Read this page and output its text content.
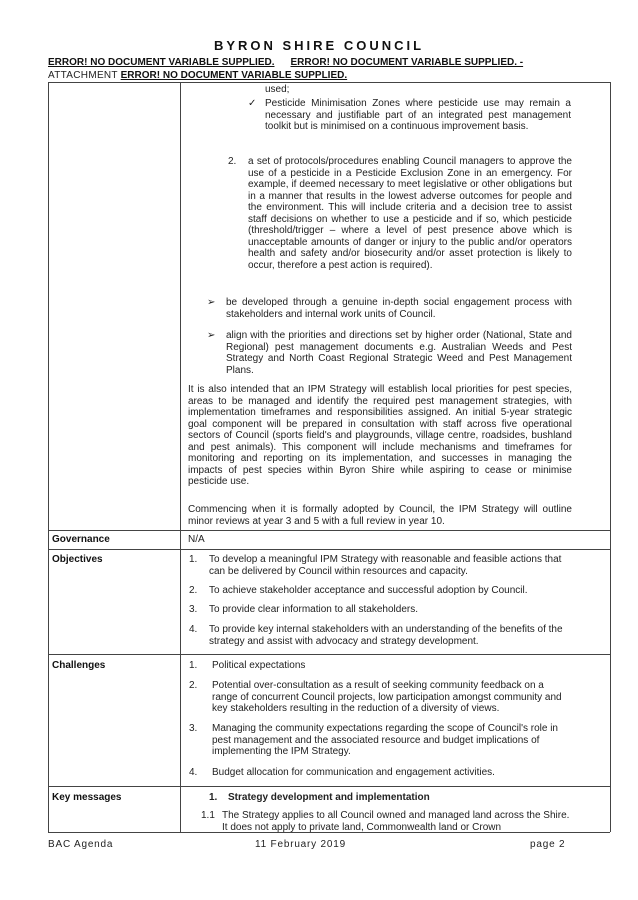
BYRON SHIRE COUNCIL
ERROR! NO DOCUMENT VARIABLE SUPPLIED. ERROR! NO DOCUMENT VARIABLE SUPPLIED. -
ATTACHMENT ERROR! NO DOCUMENT VARIABLE SUPPLIED.
used;
✓ Pesticide Minimisation Zones where pesticide use may remain a necessary and justifiable part of an integrated pest management toolkit but is minimised on a continuous improvement basis.
2. a set of protocols/procedures enabling Council managers to approve the use of a pesticide in a Pesticide Exclusion Zone in an emergency. For example, if deemed necessary to meet legislative or other obligations but in a manner that results in the lowest adverse outcomes for people and the environment. This will include criteria and a decision tree to assist staff decisions on whether to use a pesticide and if so, which pesticide (threshold/trigger – where a level of pest presence above which is unacceptable amounts of danger or injury to the public and/or operators health and safety and/or biosecurity and/or asset protection is likely to occur, therefore a pest action is required).
➢ be developed through a genuine in-depth social engagement process with stakeholders and internal work units of Council.
➢ align with the priorities and directions set by higher order (National, State and Regional) pest management documents e.g. Australian Weeds and Pest Strategy and North Coast Regional Strategic Weed and Pest Management Plans.
It is also intended that an IPM Strategy will establish local priorities for pest species, areas to be managed and identify the required pest management strategies, with implementation timeframes and responsibilities assigned. An initial 5-year strategic goal component will be prepared in consultation with staff across five operational sectors of Council (sports field's and playgrounds, village centre, roadsides, bushland and pest animals). This component will include mechanisms and timeframes for monitoring and reporting on its implementation, and successes in managing the impacts of pest species within Byron Shire while aspiring to cease or minimise pesticide use.
Commencing when it is formally adopted by Council, the IPM Strategy will outline minor reviews at year 3 and 5 with a full review in year 10.
Governance	N/A
Objectives	1. To develop a meaningful IPM Strategy with reasonable and feasible actions that can be delivered by Council within resources and capacity.
2. To achieve stakeholder acceptance and successful adoption by Council.
3. To provide clear information to all stakeholders.
4. To provide key internal stakeholders with an understanding of the benefits of the strategy and assist with advocacy and strategy development.
Challenges	1. Political expectations
2. Potential over-consultation as a result of seeking community feedback on a range of concurrent Council projects, low participation amongst community and key stakeholders resulting in the reduction of a diversity of views.
3. Managing the community expectations regarding the scope of Council's role in pest management and the associated resource and budget implications of implementing the IPM Strategy.
4. Budget allocation for communication and engagement activities.
Key messages	1. Strategy development and implementation
1.1 The Strategy applies to all Council owned and managed land across the Shire. It does not apply to private land, Commonwealth land or Crown
BAC Agenda	11 February 2019	page 2
